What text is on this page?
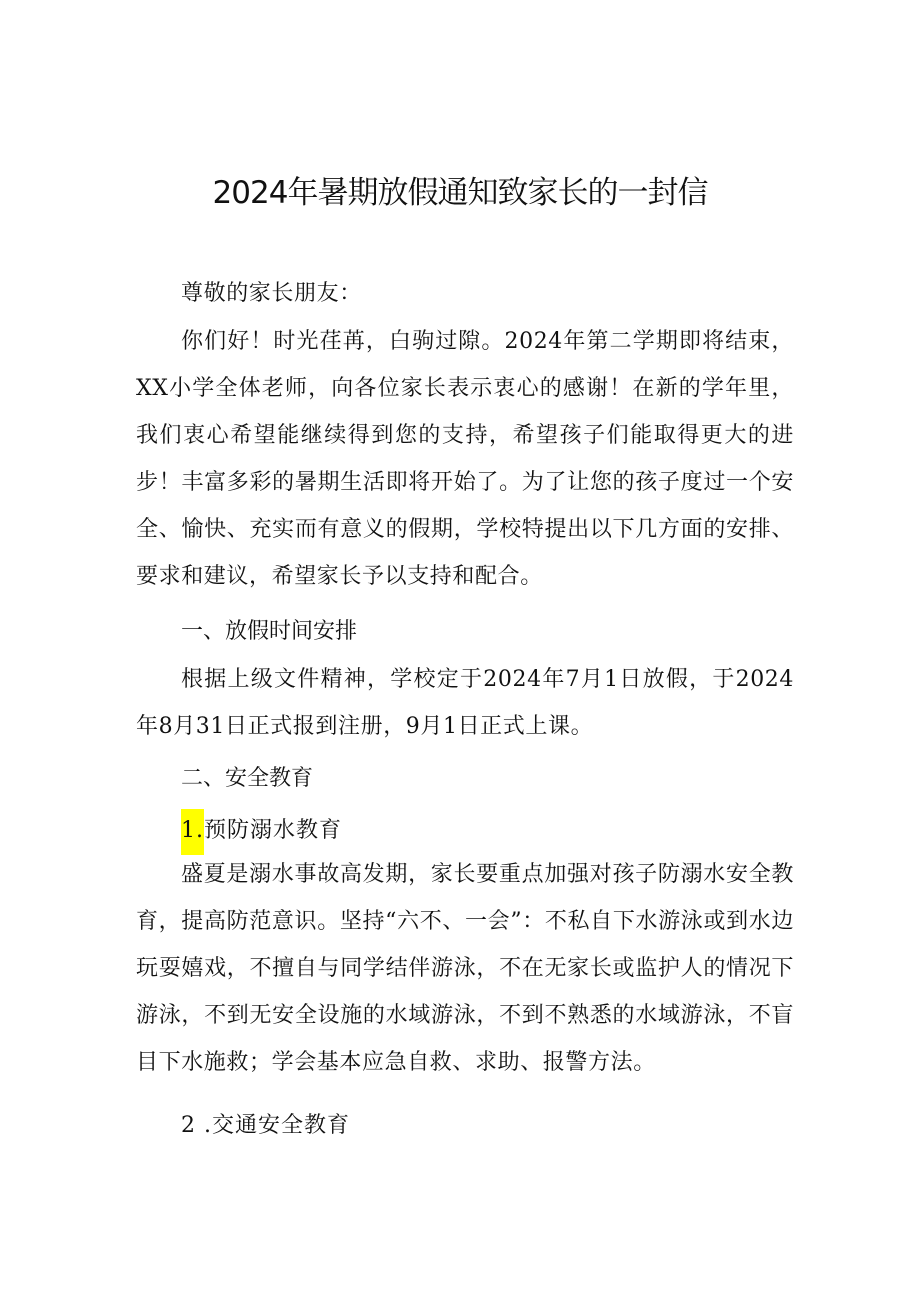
2024年暑期放假通知致家长的一封信

尊敬的家长朋友：

你们好！时光荏苒，白驹过隙。2024年第二学期即将结束，XX小学全体老师，向各位家长表示衷心的感谢！在新的学年里，我们衷心希望能继续得到您的支持，希望孩子们能取得更大的进步！丰富多彩的暑期生活即将开始了。为了让您的孩子度过一个安全、愉快、充实而有意义的假期，学校特提出以下几方面的安排、要求和建议，希望家长予以支持和配合。

一、放假时间安排

根据上级文件精神，学校定于2024年7月1日放假，于2024年8月31日正式报到注册，9月1日正式上课。

二、安全教育

1.预防溺水教育

盛夏是溺水事故高发期，家长要重点加强对孩子防溺水安全教育，提高防范意识。坚持“六不、一会”：不私自下水游泳或到水边玩耍嬉戏，不擅自与同学结伴游泳，不在无家长或监护人的情况下游泳，不到无安全设施的水域游泳，不到不熟悉的水域游泳，不盲目下水施救；学会基本应急自救、求助、报警方法。

2 .交通安全教育
